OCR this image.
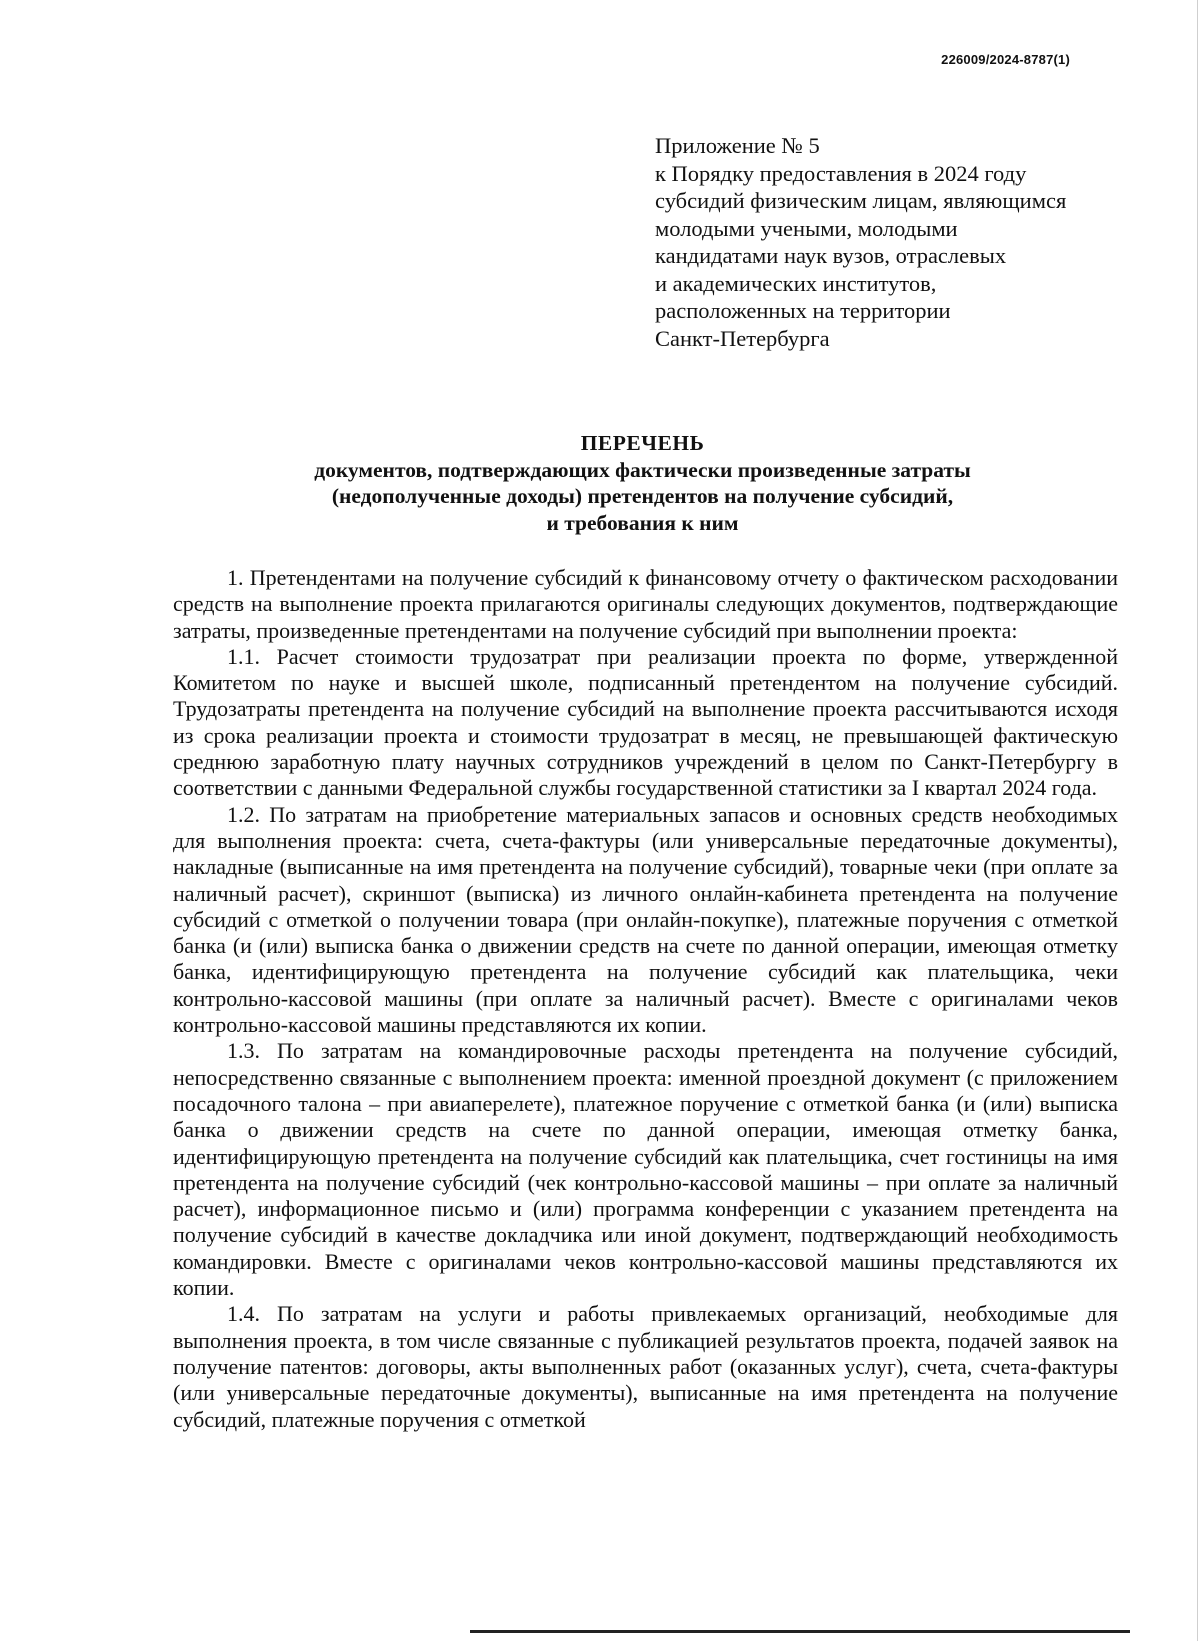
226009/2024-8787(1)
Приложение № 5
к Порядку предоставления в 2024 году
субсидий физическим лицам, являющимся
молодыми учеными, молодыми
кандидатами наук вузов, отраслевых
и академических институтов,
расположенных на территории
Санкт-Петербурга
ПЕРЕЧЕНЬ
документов, подтверждающих фактически произведенные затраты
(недополученные доходы) претендентов на получение субсидий,
и требования к ним

1. Претендентами на получение субсидий к финансовому отчету о фактическом расходовании средств на выполнение проекта прилагаются оригиналы следующих документов, подтверждающие затраты, произведенные претендентами на получение субсидий при выполнении проекта:

1.1. Расчет стоимости трудозатрат при реализации проекта по форме, утвержденной Комитетом по науке и высшей школе, подписанный претендентом на получение субсидий. Трудозатраты претендента на получение субсидий на выполнение проекта рассчитываются исходя из срока реализации проекта и стоимости трудозатрат в месяц, не превышающей фактическую среднюю заработную плату научных сотрудников учреждений в целом по Санкт-Петербургу в соответствии с данными Федеральной службы государственной статистики за I квартал 2024 года.

1.2. По затратам на приобретение материальных запасов и основных средств необходимых для выполнения проекта: счета, счета-фактуры (или универсальные передаточные документы), накладные (выписанные на имя претендента на получение субсидий), товарные чеки (при оплате за наличный расчет), скриншот (выписка) из личного онлайн-кабинета претендента на получение субсидий с отметкой о получении товара (при онлайн-покупке), платежные поручения с отметкой банка (и (или) выписка банка о движении средств на счете по данной операции, имеющая отметку банка, идентифицирующую претендента на получение субсидий как плательщика, чеки контрольно-кассовой машины (при оплате за наличный расчет). Вместе с оригиналами чеков контрольно-кассовой машины представляются их копии.

1.3. По затратам на командировочные расходы претендента на получение субсидий, непосредственно связанные с выполнением проекта: именной проездной документ (с приложением посадочного талона – при авиаперелете), платежное поручение с отметкой банка (и (или) выписка банка о движении средств на счете по данной операции, имеющая отметку банка, идентифицирующую претендента на получение субсидий как плательщика, счет гостиницы на имя претендента на получение субсидий (чек контрольно-кассовой машины – при оплате за наличный расчет), информационное письмо и (или) программа конференции с указанием претендента на получение субсидий в качестве докладчика или иной документ, подтверждающий необходимость командировки. Вместе с оригиналами чеков контрольно-кассовой машины представляются их копии.

1.4. По затратам на услуги и работы привлекаемых организаций, необходимые для выполнения проекта, в том числе связанные с публикацией результатов проекта, подачей заявок на получение патентов: договоры, акты выполненных работ (оказанных услуг), счета, счета-фактуры (или универсальные передаточные документы), выписанные на имя претендента на получение субсидий, платежные поручения с отметкой
